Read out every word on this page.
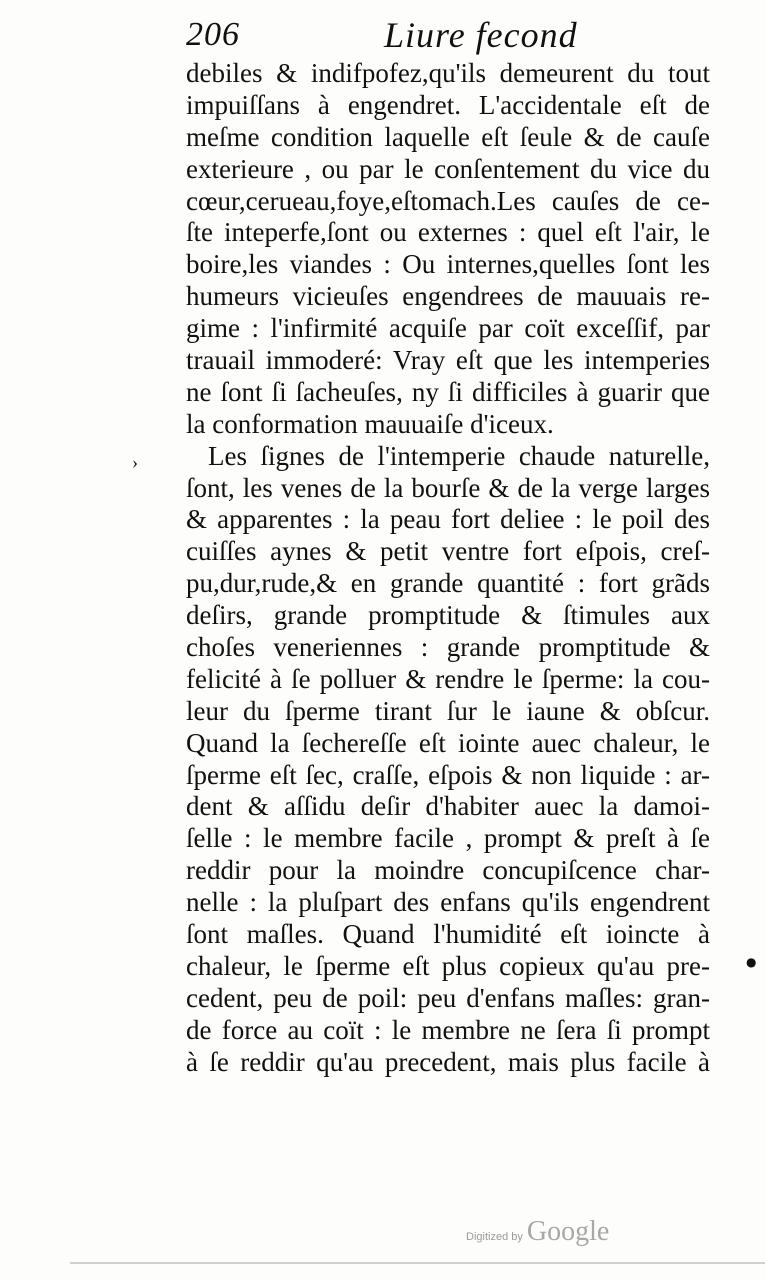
206	Liure fecond
›
debiles & indifpofez,qu'ils demeurent du tout
impuiſſans à engendret. L'accidentale eſt de
meſme condition laquelle eſt ſeule & de cauſe
exterieure , ou par le conſentement du vice du
cœur,cerueau,foye,eſtomach.Les cauſes de ce-
ſte inteperfe,ſont ou externes : quel eſt l'air, le
boire,les viandes : Ou internes,quelles ſont les
humeurs vicieuſes engendrees de mauuais re-
gime : l'infirmité acquiſe par coït exceſſif, par
trauail immoderé: Vray eſt que les intemperies
ne ſont ſi ſacheuſes, ny ſi difficiles à guarir que
la conformation mauuaiſe d'iceux.
Les ſignes de l'intemperie chaude naturelle,
ſont, les venes de la bourſe & de la verge larges
& apparentes : la peau fort deliee : le poil des
cuiſſes aynes & petit ventre fort eſpois, creſ-
pu,dur,rude,& en grande quantité : fort grãds
deſirs, grande promptitude & ſtimules aux
choſes veneriennes : grande promptitude &
felicité à ſe polluer & rendre le ſperme: la cou-
leur du ſperme tirant ſur le iaune & obſcur.
Quand la ſechereſſe eſt iointe auec chaleur, le
ſperme eſt ſec, craſſe, eſpois & non liquide : ar-
dent & aſſidu deſir d'habiter auec la damoi-
ſelle : le membre facile , prompt & preſt à ſe
reddir pour la moindre concupiſcence char-
nelle : la pluſpart des enfans qu'ils engendrent
ſont maſles. Quand l'humidité eſt ioincte à
chaleur, le ſperme eſt plus copieux qu'au pre-
cedent, peu de poil: peu d'enfans maſles: gran-
de force au coït : le membre ne ſera ſi prompt
à ſe reddir qu'au precedent, mais plus facile à
●
Digitized by Google
